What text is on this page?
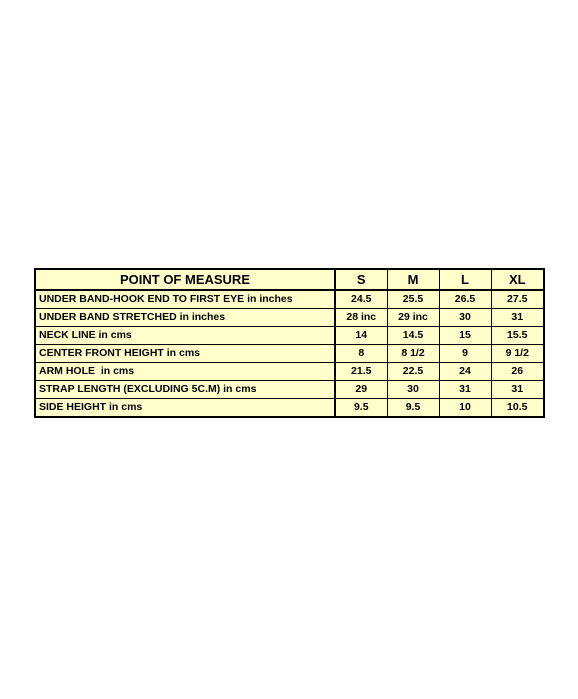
POINT OF MEASURE	S	M	L	XL
UNDER BAND-HOOK END TO FIRST EYE in inches	24.5	25.5	26.5	27.5
UNDER BAND STRETCHED in inches	28 inc	29 inc	30	31
NECK LINE in cms	14	14.5	15	15.5
CENTER FRONT HEIGHT in cms	8	8 1/2	9	9 1/2
ARM HOLE  in cms	21.5	22.5	24	26
STRAP LENGTH (EXCLUDING 5C.M) in cms	29	30	31	31
SIDE HEIGHT in cms	9.5	9.5	10	10.5
